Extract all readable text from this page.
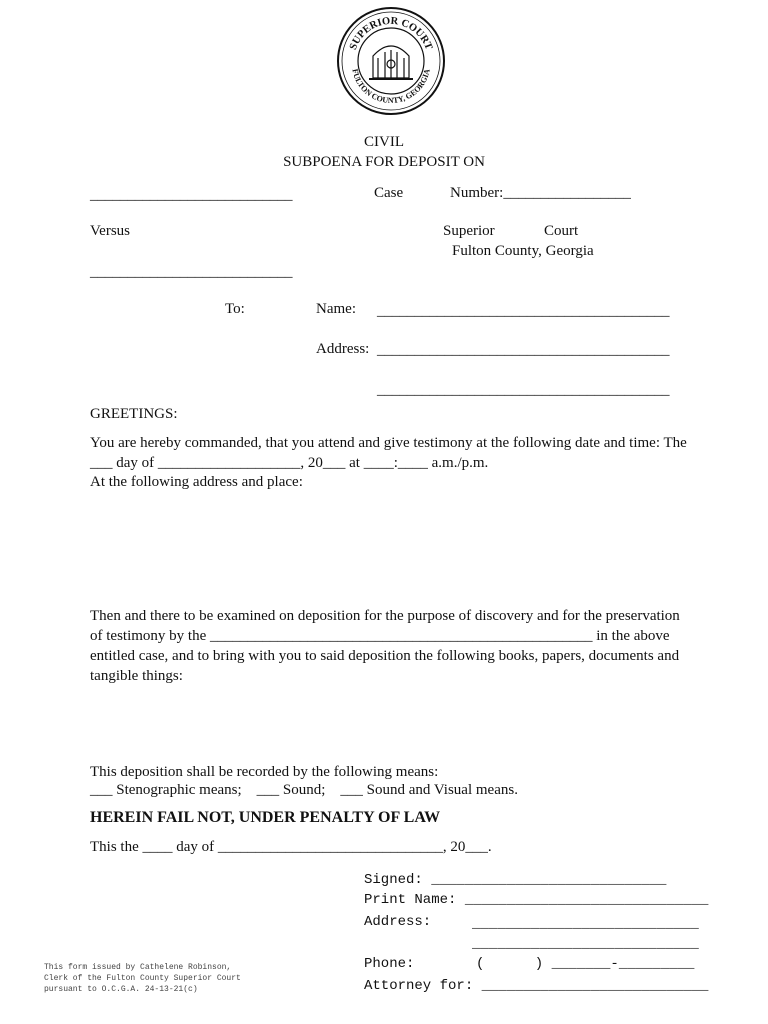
SUPERIOR COURT
FULTON COUNTY, GEORGIA
CIVIL
SUBPOENA FOR DEPOSIT ON
___________________________	Case	Number:_________________
Versus	Superior	Court
Fulton County, Georgia
___________________________
To:	Name: _______________________________________
Address: _______________________________________
_______________________________________
GREETINGS:
You are hereby commanded, that you attend and give testimony at the following date and time: The ___ day of ___________________, 20___ at ____:____ a.m./p.m.
At the following address and place:
Then and there to be examined on deposition for the purpose of discovery and for the preservation of testimony by the ___________________________________________________ in the above entitled case, and to bring with you to said deposition the following books, papers, documents and tangible things:
This deposition shall be recorded by the following means:
___ Stenographic means;    ___ Sound;    ___ Sound and Visual means.
HEREIN FAIL NOT, UNDER PENALTY OF LAW
This the ____ day of ______________________________, 20___.
Signed: ____________________________
Print Name: _____________________________
Address:	___________________________
___________________________
Phone:	(      ) _______-_________
Attorney for: ___________________________
This form issued by Cathelene Robinson,
Clerk of the Fulton County Superior Court
pursuant to O.C.G.A. 24-13-21(c)
